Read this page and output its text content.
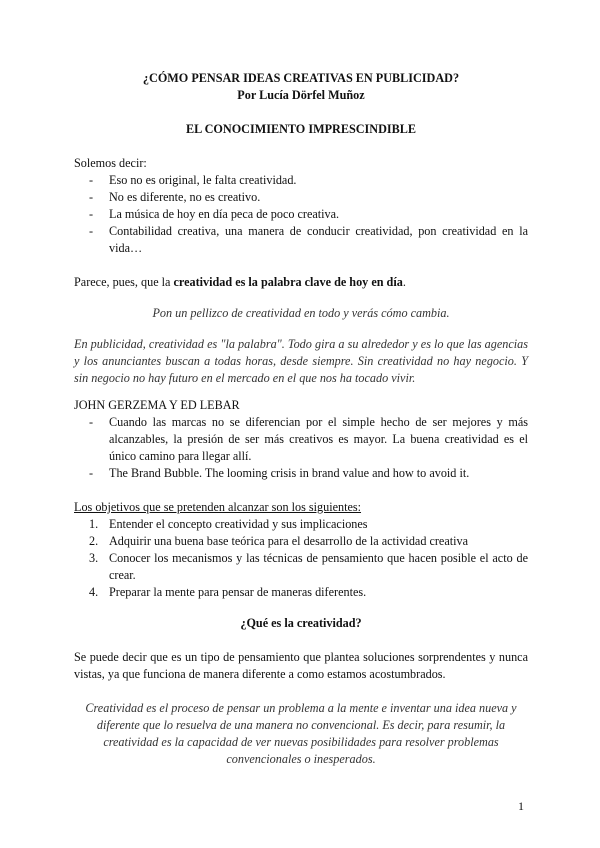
¿CÓMO PENSAR IDEAS CREATIVAS EN PUBLICIDAD?

Por Lucía Dörfel Muñoz

EL CONOCIMIENTO IMPRESCINDIBLE

Solemos decir:

- Eso no es original, le falta creatividad.
- No es diferente, no es creativo.
- La música de hoy en día peca de poco creativa.
- Contabilidad creativa, una manera de conducir creatividad, pon creatividad en la vida…

Parece, pues, que la creatividad es la palabra clave de hoy en día.

Pon un pellizco de creatividad en todo y verás cómo cambia.

En publicidad, creatividad es "la palabra". Todo gira a su alrededor y es lo que las agencias y los anunciantes buscan a todas horas, desde siempre. Sin creatividad no hay negocio. Y sin negocio no hay futuro en el mercado en el que nos ha tocado vivir.

JOHN GERZEMA Y ED LEBAR

- Cuando las marcas no se diferencian por el simple hecho de ser mejores y más alcanzables, la presión de ser más creativos es mayor. La buena creatividad es el único camino para llegar allí.
- The Brand Bubble. The looming crisis in brand value and how to avoid it.

Los objetivos que se pretenden alcanzar son los siguientes:

1. Entender el concepto creatividad y sus implicaciones
2. Adquirir una buena base teórica para el desarrollo de la actividad creativa
3. Conocer los mecanismos y las técnicas de pensamiento que hacen posible el acto de crear.
4. Preparar la mente para pensar de maneras diferentes.

¿Qué es la creatividad?

Se puede decir que es un tipo de pensamiento que plantea soluciones sorprendentes y nunca vistas, ya que funciona de manera diferente a como estamos acostumbrados.

Creatividad es el proceso de pensar un problema a la mente e inventar una idea nueva y diferente que lo resuelva de una manera no convencional. Es decir, para resumir, la creatividad es la capacidad de ver nuevas posibilidades para resolver problemas convencionales o inesperados.

1
